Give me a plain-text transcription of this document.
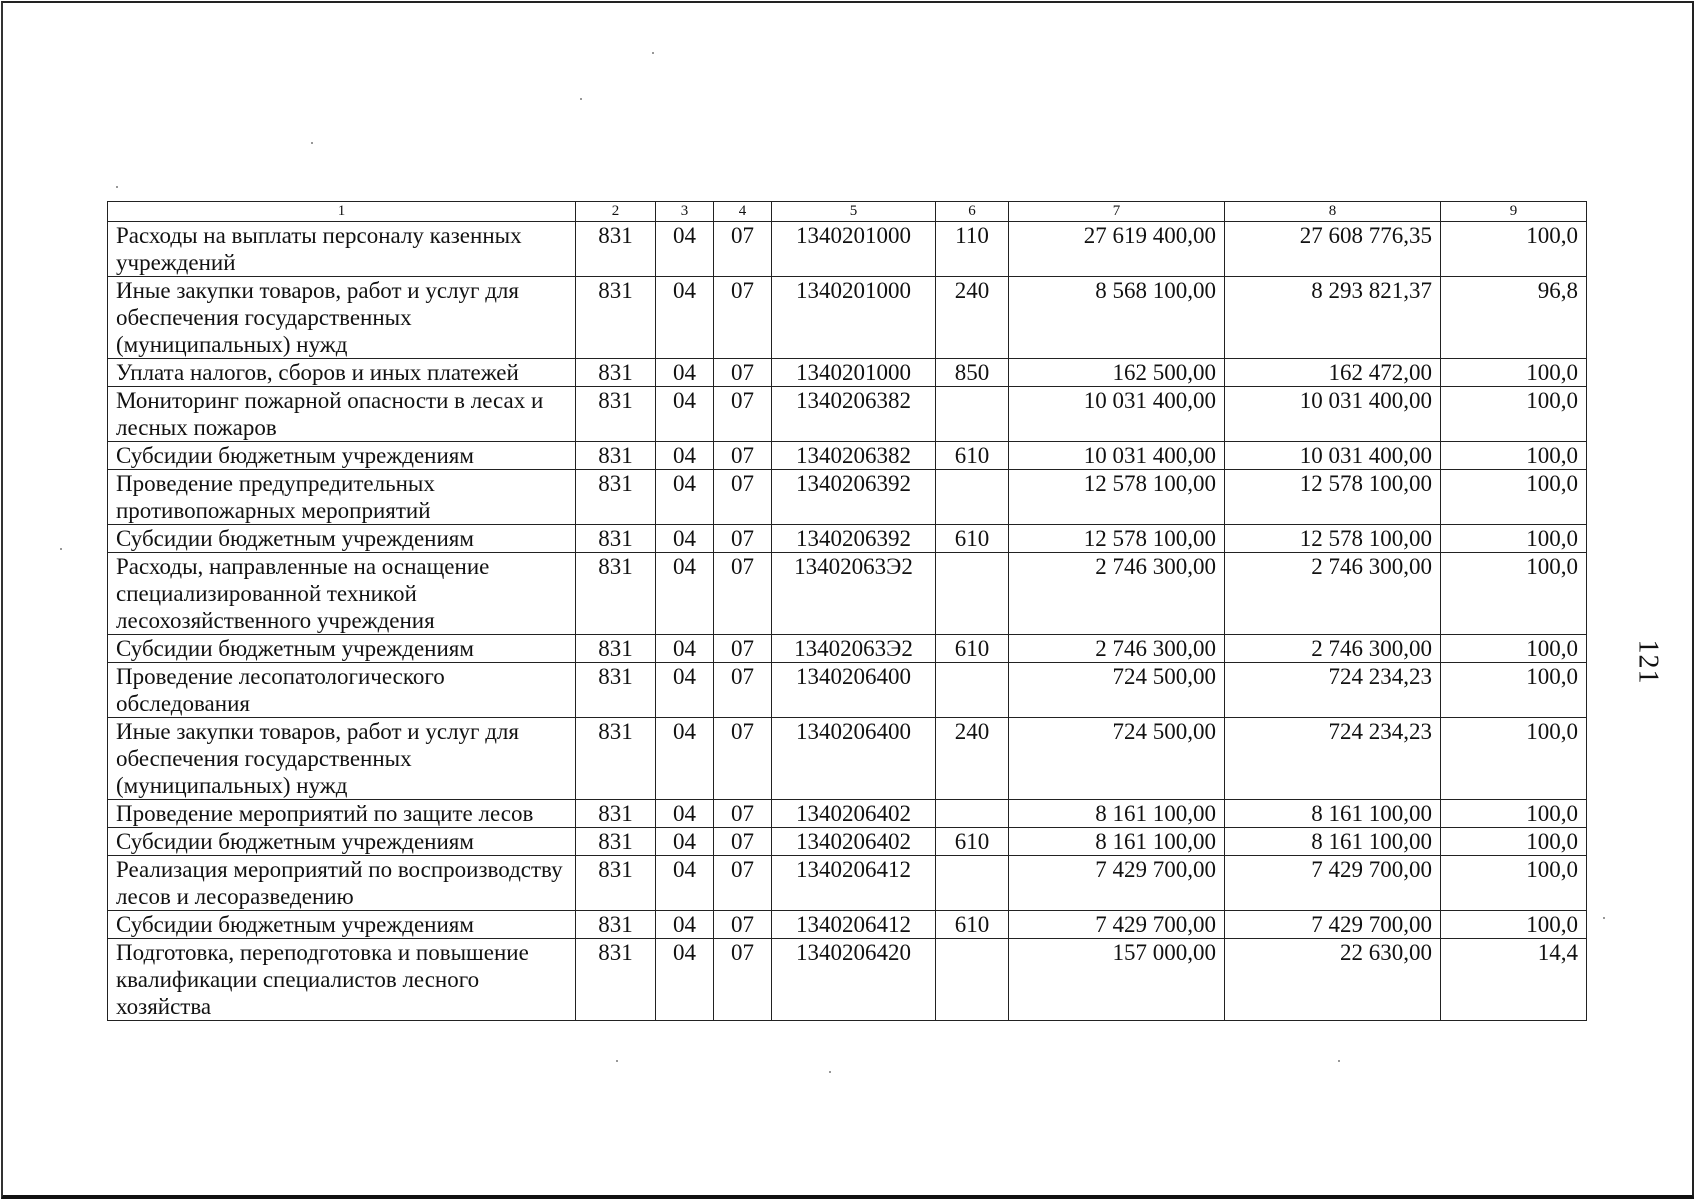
1	2	3	4	5	6	7	8	9
Расходы на выплаты персоналу казенных учреждений	831	04	07	1340201000	110	27 619 400,00	27 608 776,35	100,0
Иные закупки товаров, работ и услуг для обеспечения государственных (муниципальных) нужд	831	04	07	1340201000	240	8 568 100,00	8 293 821,37	96,8
Уплата налогов, сборов и иных платежей	831	04	07	1340201000	850	162 500,00	162 472,00	100,0
Мониторинг пожарной опасности в лесах и лесных пожаров	831	04	07	1340206382		10 031 400,00	10 031 400,00	100,0
Субсидии бюджетным учреждениям	831	04	07	1340206382	610	10 031 400,00	10 031 400,00	100,0
Проведение предупредительных противопожарных мероприятий	831	04	07	1340206392		12 578 100,00	12 578 100,00	100,0
Субсидии бюджетным учреждениям	831	04	07	1340206392	610	12 578 100,00	12 578 100,00	100,0
Расходы, направленные на оснащение специализированной техникой лесохозяйственного учреждения	831	04	07	13402063Э2		2 746 300,00	2 746 300,00	100,0
Субсидии бюджетным учреждениям	831	04	07	13402063Э2	610	2 746 300,00	2 746 300,00	100,0
Проведение лесопатологического обследования	831	04	07	1340206400		724 500,00	724 234,23	100,0
Иные закупки товаров, работ и услуг для обеспечения государственных (муниципальных) нужд	831	04	07	1340206400	240	724 500,00	724 234,23	100,0
Проведение мероприятий по защите лесов	831	04	07	1340206402		8 161 100,00	8 161 100,00	100,0
Субсидии бюджетным учреждениям	831	04	07	1340206402	610	8 161 100,00	8 161 100,00	100,0
Реализация мероприятий по воспроизводству лесов и лесоразведению	831	04	07	1340206412		7 429 700,00	7 429 700,00	100,0
Субсидии бюджетным учреждениям	831	04	07	1340206412	610	7 429 700,00	7 429 700,00	100,0
Подготовка, переподготовка и повышение квалификации специалистов лесного хозяйства	831	04	07	1340206420		157 000,00	22 630,00	14,4
121
